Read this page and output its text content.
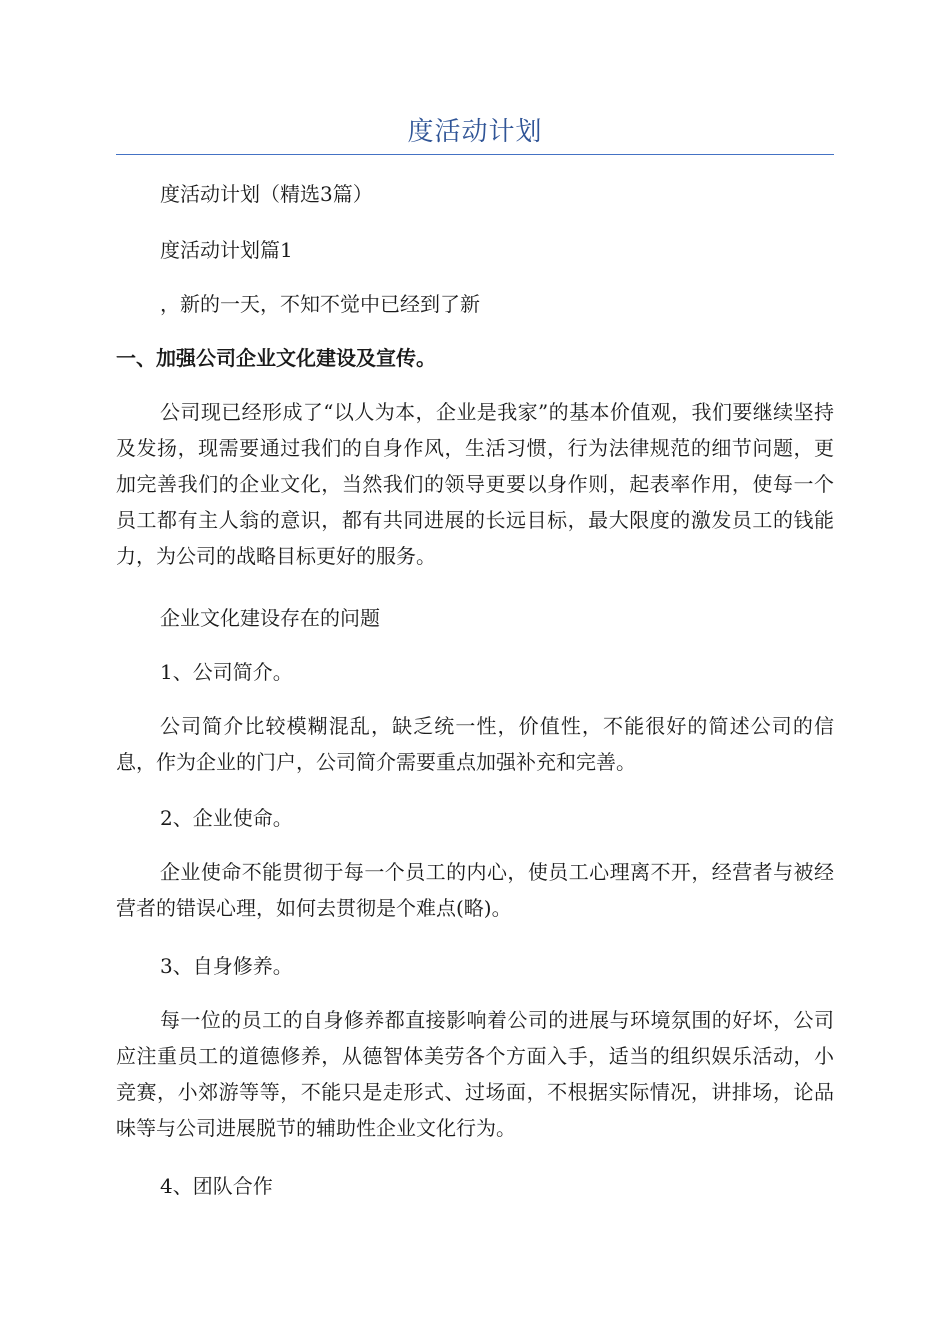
度活动计划

度活动计划（精选3篇）

度活动计划篇1

，新的一天，不知不觉中已经到了新

一、加强公司企业文化建设及宣传。

公司现已经形成了“以人为本，企业是我家”的基本价值观，我们要继续坚持及发扬，现需要通过我们的自身作风，生活习惯，行为法律规范的细节问题，更加完善我们的企业文化，当然我们的领导更要以身作则，起表率作用，使每一个员工都有主人翁的意识，都有共同进展的长远目标，最大限度的激发员工的钱能力，为公司的战略目标更好的服务。

企业文化建设存在的问题

1、公司简介。

公司简介比较模糊混乱，缺乏统一性，价值性，不能很好的简述公司的信息，作为企业的门户，公司简介需要重点加强补充和完善。

2、企业使命。

企业使命不能贯彻于每一个员工的内心，使员工心理离不开，经营者与被经营者的错误心理，如何去贯彻是个难点(略)。

3、自身修养。

每一位的员工的自身修养都直接影响着公司的进展与环境氛围的好坏，公司应注重员工的道德修养，从德智体美劳各个方面入手，适当的组织娱乐活动，小竞赛，小郊游等等，不能只是走形式、过场面，不根据实际情况，讲排场，论品味等与公司进展脱节的辅助性企业文化行为。

4、团队合作
